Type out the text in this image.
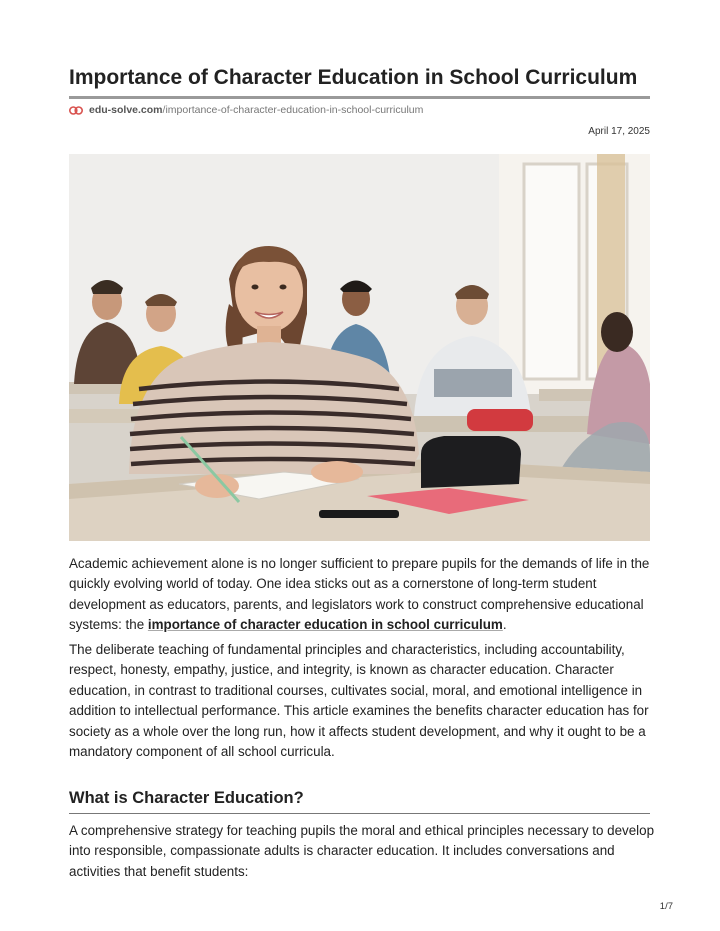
Importance of Character Education in School Curriculum
edu-solve.com /importance-of-character-education-in-school-curriculum
April 17, 2025

Academic achievement alone is no longer sufficient to prepare pupils for the demands of life in the quickly evolving world of today. One idea sticks out as a cornerstone of long-term student development as educators, parents, and legislators work to construct comprehensive educational systems: the importance of character education in school curriculum.

The deliberate teaching of fundamental principles and characteristics, including accountability, respect, honesty, empathy, justice, and integrity, is known as character education. Character education, in contrast to traditional courses, cultivates social, moral, and emotional intelligence in addition to intellectual performance. This article examines the benefits character education has for society as a whole over the long run, how it affects student development, and why it ought to be a mandatory component of all school curricula.

What is Character Education?

A comprehensive strategy for teaching pupils the moral and ethical principles necessary to develop into responsible, compassionate adults is character education. It includes conversations and activities that benefit students:

1/7
